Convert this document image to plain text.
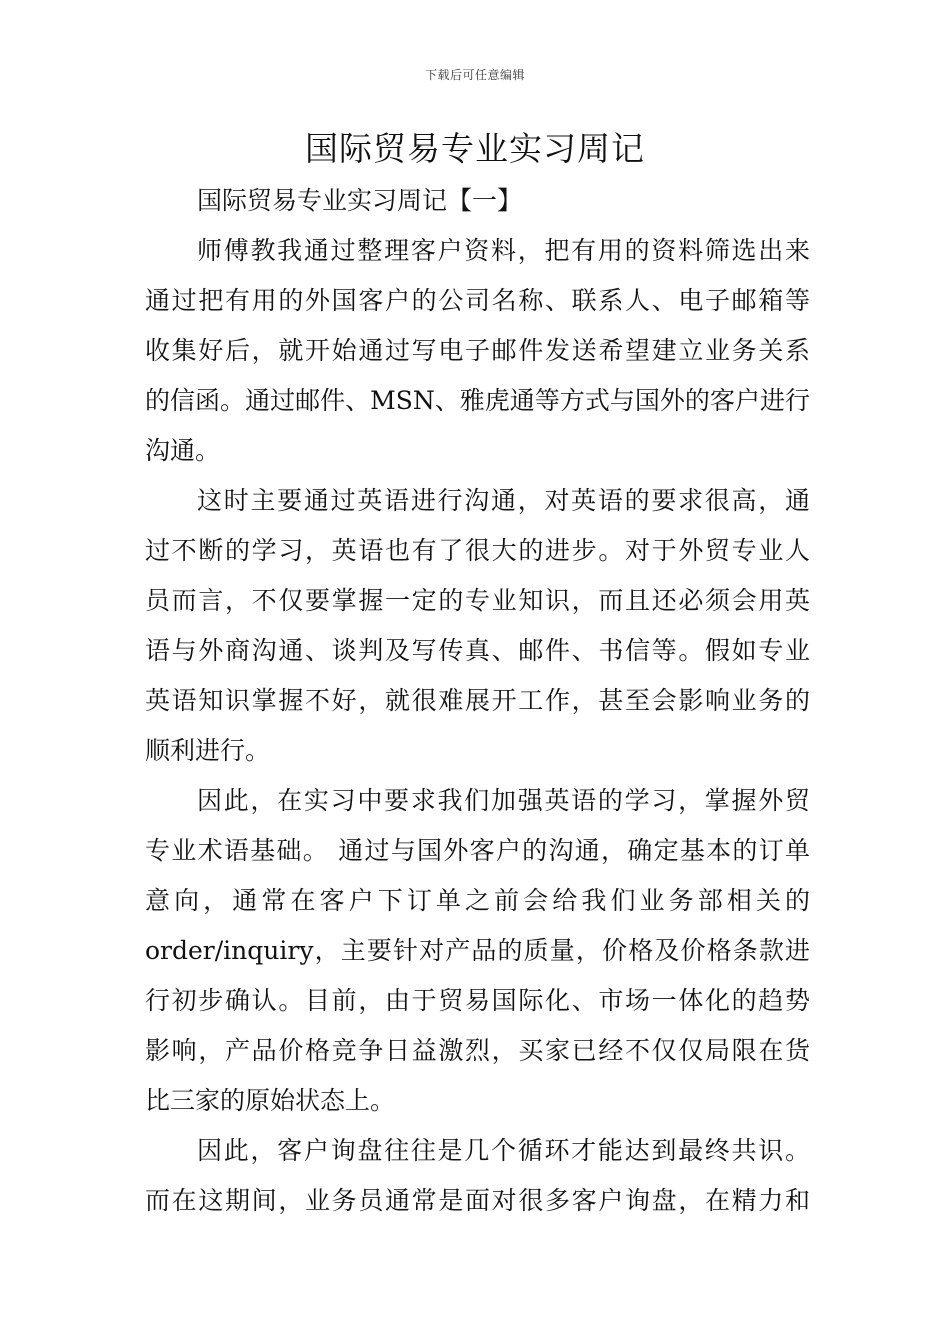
下载后可任意编辑
国际贸易专业实习周记

国际贸易专业实习周记【一】

师傅教我通过整理客户资料，把有用的资料筛选出来
通过把有用的外国客户的公司名称、联系人、电子邮箱等
收集好后，就开始通过写电子邮件发送希望建立业务关系
的信函。通过邮件、MSN、雅虎通等方式与国外的客户进行
沟通。

这时主要通过英语进行沟通，对英语的要求很高，通
过不断的学习，英语也有了很大的进步。对于外贸专业人
员而言，不仅要掌握一定的专业知识，而且还必须会用英
语与外商沟通、谈判及写传真、邮件、书信等。假如专业
英语知识掌握不好，就很难展开工作，甚至会影响业务的
顺利进行。

因此，在实习中要求我们加强英语的学习，掌握外贸
专业术语基础。 通过与国外客户的沟通，确定基本的订单
意向，通常在客户下订单之前会给我们业务部相关的
order/inquiry，主要针对产品的质量，价格及价格条款进
行初步确认。目前，由于贸易国际化、市场一体化的趋势
影响，产品价格竞争日益激烈，买家已经不仅仅局限在货
比三家的原始状态上。

因此，客户询盘往往是几个循环才能达到最终共识。
而在这期间，业务员通常是面对很多客户询盘，在精力和
